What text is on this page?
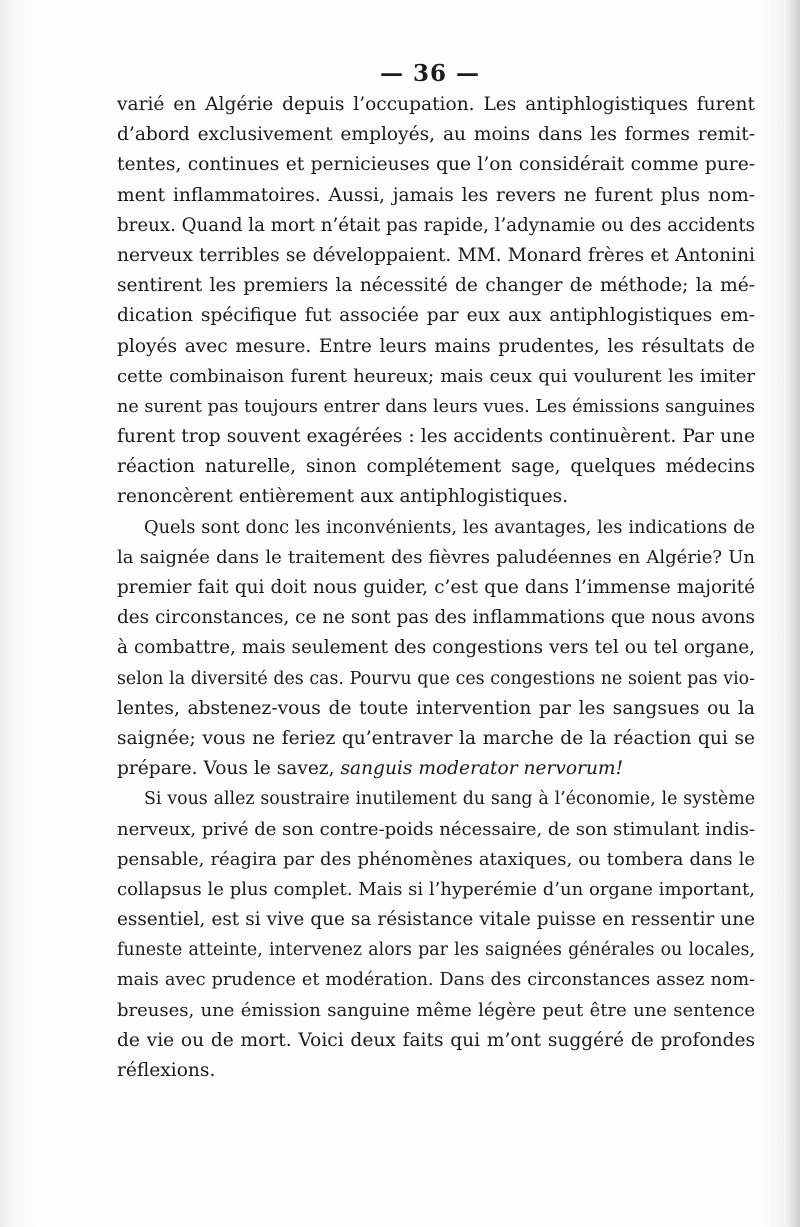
— 36 —
varié en Algérie depuis l’occupation. Les antiphlogistiques furent
d’abord exclusivement employés, au moins dans les formes remit-
tentes, continues et pernicieuses que l’on considérait comme pure-
ment inflammatoires. Aussi, jamais les revers ne furent plus nom-
breux. Quand la mort n’était pas rapide, l’adynamie ou des accidents
nerveux terribles se développaient. MM. Monard frères et Antonini
sentirent les premiers la nécessité de changer de méthode; la mé-
dication spécifique fut associée par eux aux antiphlogistiques em-
ployés avec mesure. Entre leurs mains prudentes, les résultats de
cette combinaison furent heureux; mais ceux qui voulurent les imiter
ne surent pas toujours entrer dans leurs vues. Les émissions sanguines
furent trop souvent exagérées : les accidents continuèrent. Par une
réaction naturelle, sinon complétement sage, quelques médecins
renoncèrent entièrement aux antiphlogistiques.
Quels sont donc les inconvénients, les avantages, les indications de
la saignée dans le traitement des fièvres paludéennes en Algérie? Un
premier fait qui doit nous guider, c’est que dans l’immense majorité
des circonstances, ce ne sont pas des inflammations que nous avons
à combattre, mais seulement des congestions vers tel ou tel organe,
selon la diversité des cas. Pourvu que ces congestions ne soient pas vio-
lentes, abstenez-vous de toute intervention par les sangsues ou la
saignée; vous ne feriez qu’entraver la marche de la réaction qui se
prépare. Vous le savez, sanguis moderator nervorum!
Si vous allez soustraire inutilement du sang à l’économie, le système
nerveux, privé de son contre-poids nécessaire, de son stimulant indis-
pensable, réagira par des phénomènes ataxiques, ou tombera dans le
collapsus le plus complet. Mais si l’hyperémie d’un organe important,
essentiel, est si vive que sa résistance vitale puisse en ressentir une
funeste atteinte, intervenez alors par les saignées générales ou locales,
mais avec prudence et modération. Dans des circonstances assez nom-
breuses, une émission sanguine même légère peut être une sentence
de vie ou de mort. Voici deux faits qui m’ont suggéré de profondes
réflexions.
